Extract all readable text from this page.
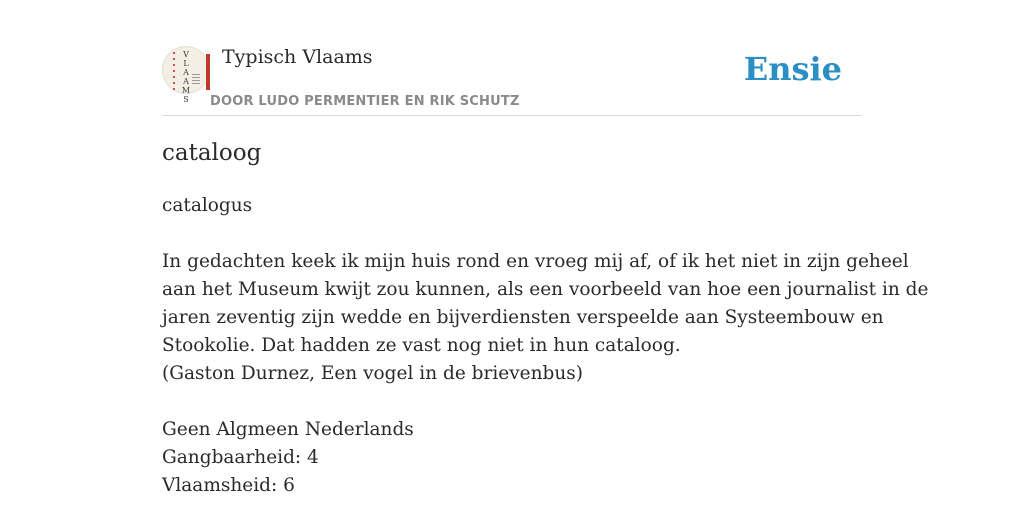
V
L
A
A
M
S
Typisch Vlaams
DOOR LUDO PERMENTIER EN RIK SCHUTZ
Ensie
cataloog
catalogus
In gedachten keek ik mijn huis rond en vroeg mij af, of ik het niet in zijn geheel
aan het Museum kwijt zou kunnen, als een voorbeeld van hoe een journalist in de
jaren zeventig zijn wedde en bijverdiensten verspeelde aan Systeembouw en
Stookolie. Dat hadden ze vast nog niet in hun cataloog.
(Gaston Durnez, Een vogel in de brievenbus)
Geen Algmeen Nederlands
Gangbaarheid: 4
Vlaamsheid: 6
